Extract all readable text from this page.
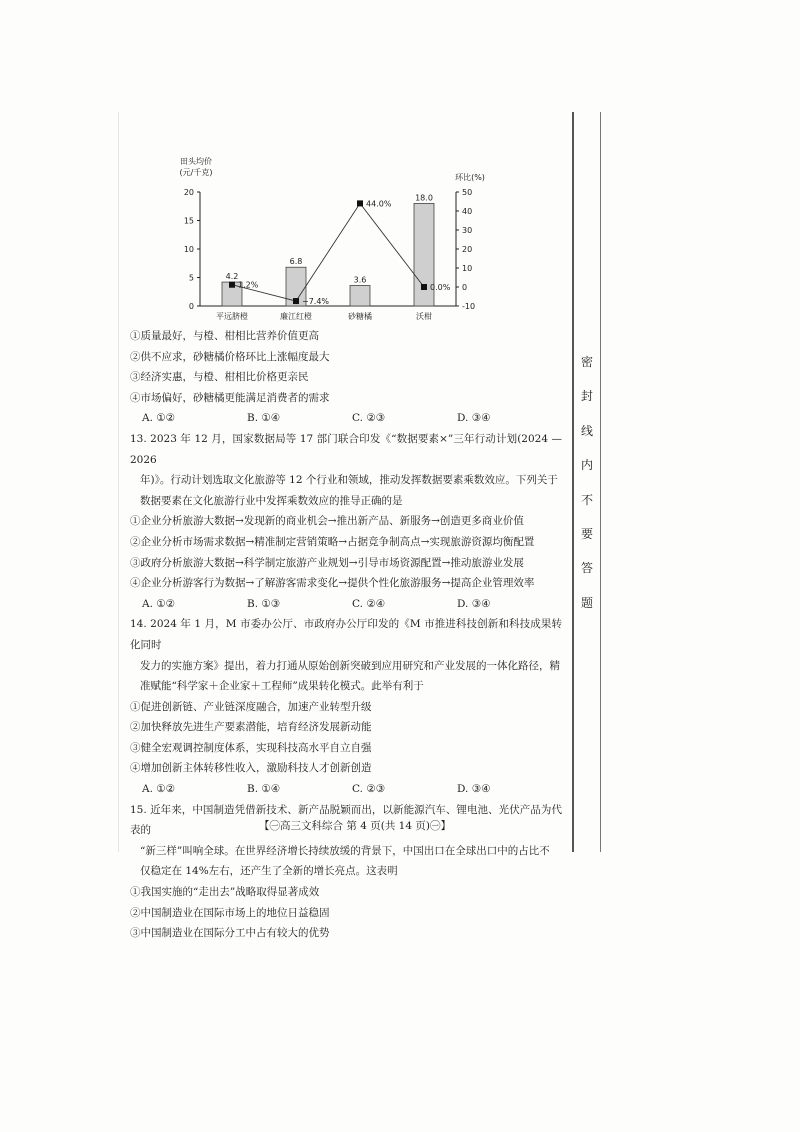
密
封
线
内
不
要
答
题
0
5
10
15
20
-10
0
10
20
30
40
50
田头均价
(元/千克)
环比(%)
4.2
平远脐橙
6.8
廉江红橙
3.6
砂糖橘
18.0
沃柑
1.2%
−7.4%
44.0%
0.0%

①质量最好，与橙、柑相比营养价值更高

②供不应求，砂糖橘价格环比上涨幅度最大

③经济实惠，与橙、柑相比价格更亲民

④市场偏好，砂糖橘更能满足消费者的需求

A. ①②	B. ①④	C. ②③	D. ③④

13. 2023 年 12 月，国家数据局等 17 部门联合印发《“数据要素×”三年行动计划(2024 — 2026

年)》。行动计划选取文化旅游等 12 个行业和领域，推动发挥数据要素乘数效应。下列关于

数据要素在文化旅游行业中发挥乘数效应的推导正确的是

①企业分析旅游大数据→发现新的商业机会→推出新产品、新服务→创造更多商业价值

②企业分析市场需求数据→精准制定营销策略→占据竞争制高点→实现旅游资源均衡配置

③政府分析旅游大数据→科学制定旅游产业规划→引导市场资源配置→推动旅游业发展

④企业分析游客行为数据→了解游客需求变化→提供个性化旅游服务→提高企业管理效率

A. ①②	B. ①③	C. ②④	D. ③④

14. 2024 年 1 月，M 市委办公厅、市政府办公厅印发的《M 市推进科技创新和科技成果转化同时

发力的实施方案》提出，着力打通从原始创新突破到应用研究和产业发展的一体化路径，精

准赋能“科学家＋企业家＋工程师”成果转化模式。此举有利于

①促进创新链、产业链深度融合，加速产业转型升级

②加快释放先进生产要素潜能，培育经济发展新动能

③健全宏观调控制度体系，实现科技高水平自立自强

④增加创新主体转移性收入，激励科技人才创新创造

A. ①②	B. ①④	C. ②③	D. ③④

15. 近年来，中国制造凭借新技术、新产品脱颖而出，以新能源汽车、锂电池、光伏产品为代表的

“新三样”叫响全球。在世界经济增长持续放缓的背景下，中国出口在全球出口中的占比不

仅稳定在 14%左右，还产生了全新的增长亮点。这表明

①我国实施的“走出去”战略取得显著成效

②中国制造业在国际市场上的地位日益稳固

③中国制造业在国际分工中占有较大的优势

【㊀高三文科综合 第 4 页(共 14 页)㊀】
